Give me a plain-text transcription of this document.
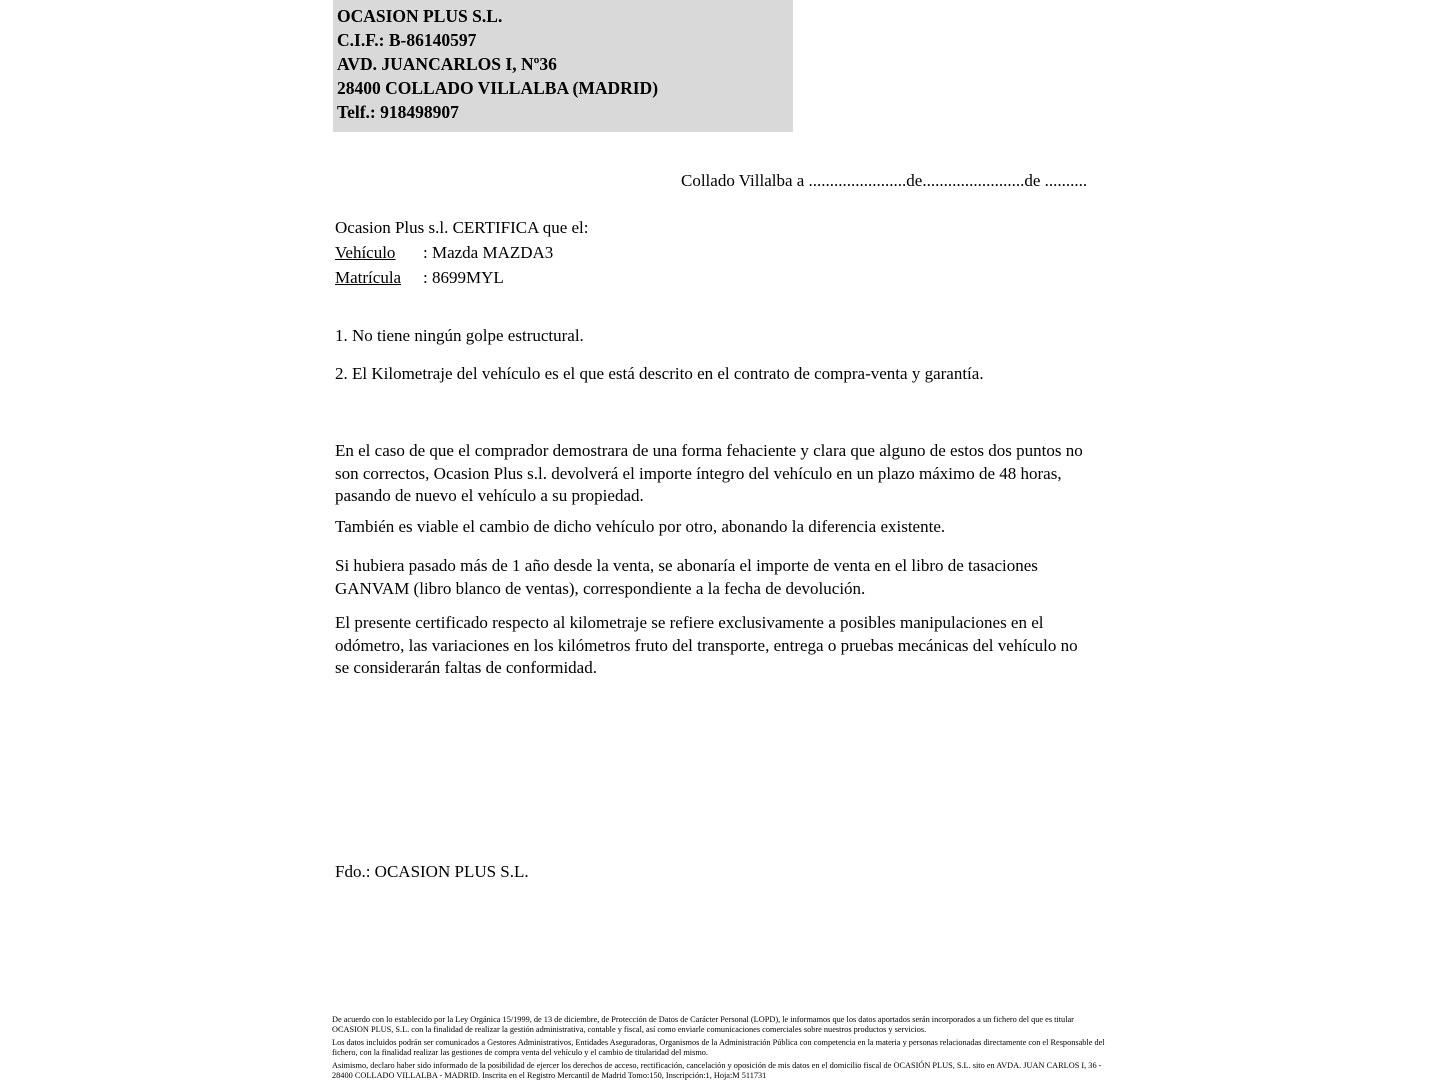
OCASION PLUS S.L.
C.I.F.: B-86140597
AVD. JUANCARLOS I, Nº36
28400 COLLADO VILLALBA (MADRID)
Telf.: 918498907
Collado Villalba a .......................de........................de ..........
Ocasion Plus s.l. CERTIFICA que el:
Vehículo : Mazda MAZDA3
Matrícula : 8699MYL
1. No tiene ningún golpe estructural.
2. El Kilometraje del vehículo es el que está descrito en el contrato de compra-venta y garantía.
En el caso de que el comprador demostrara de una forma fehaciente y clara que alguno de estos dos puntos no son correctos, Ocasion Plus s.l. devolverá el importe íntegro del vehículo en un plazo máximo de 48 horas, pasando de nuevo el vehículo a su propiedad.
También es viable el cambio de dicho vehículo por otro, abonando la diferencia existente.
Si hubiera pasado más de 1 año desde la venta, se abonaría el importe de venta en el libro de tasaciones GANVAM (libro blanco de ventas), correspondiente a la fecha de devolución.
El presente certificado respecto al kilometraje se refiere exclusivamente a posibles manipulaciones en el odómetro, las variaciones en los kilómetros fruto del transporte, entrega o pruebas mecánicas del vehículo no se considerarán faltas de conformidad.
Fdo.: OCASION PLUS S.L.

De acuerdo con lo establecido por la Ley Orgánica 15/1999, de 13 de diciembre, de Protección de Datos de Carácter Personal (LOPD), le informamos que los datos aportados serán incorporados a un fichero del que es titular OCASION PLUS, S.L. con la finalidad de realizar la gestión administrativa, contable y fiscal, así como enviarle comunicaciones comerciales sobre nuestros productos y servicios.

Los datos incluidos podrán ser comunicados a Gestores Administrativos, Entidades Aseguradoras, Organismos de la Administración Pública con competencia en la materia y personas relacionadas directamente con el Responsable del fichero, con la finalidad realizar las gestiones de compra venta del vehículo y el cambio de titularidad del mismo.

Asimismo, declaro haber sido informado de la posibilidad de ejercer los derechos de acceso, rectificación, cancelación y oposición de mis datos en el domicilio fiscal de OCASIÓN PLUS, S.L. sito en AVDA. JUAN CARLOS I, 36 - 28400 COLLADO VILLALBA - MADRID. Inscrita en el Registro Mercantil de Madrid Tomo:150, Inscripción:1, Hoja:M 511731
